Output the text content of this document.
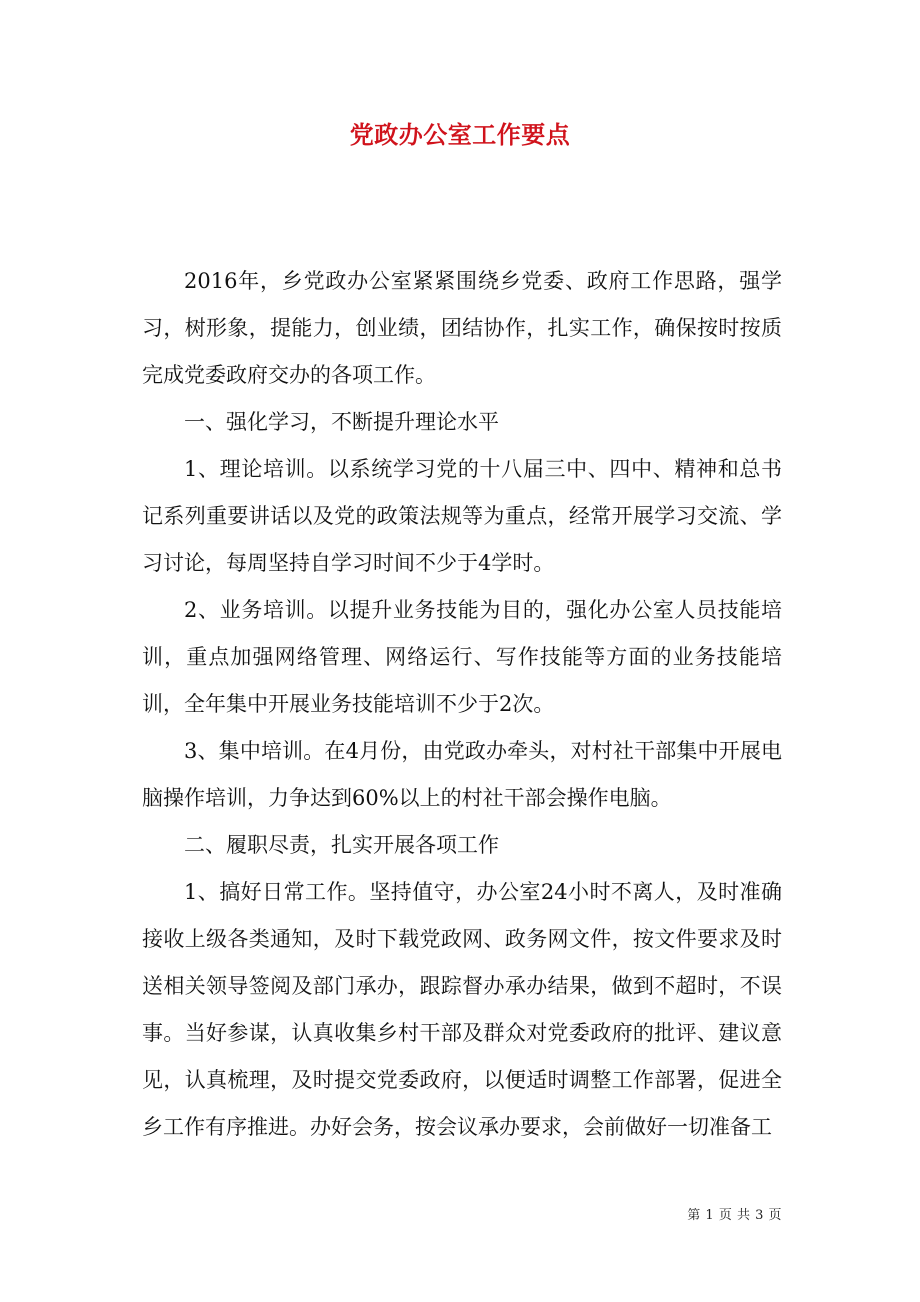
党政办公室工作要点

2016年，乡党政办公室紧紧围绕乡党委、政府工作思路，强学习，树形象，提能力，创业绩，团结协作，扎实工作，确保按时按质完成党委政府交办的各项工作。

一、强化学习，不断提升理论水平

1、理论培训。以系统学习党的十八届三中、四中、精神和总书记系列重要讲话以及党的政策法规等为重点，经常开展学习交流、学习讨论，每周坚持自学习时间不少于4学时。

2、业务培训。以提升业务技能为目的，强化办公室人员技能培训，重点加强网络管理、网络运行、写作技能等方面的业务技能培训，全年集中开展业务技能培训不少于2次。

3、集中培训。在4月份，由党政办牵头，对村社干部集中开展电脑操作培训，力争达到60%以上的村社干部会操作电脑。

二、履职尽责，扎实开展各项工作

1、搞好日常工作。坚持值守，办公室24小时不离人，及时准确接收上级各类通知，及时下载党政网、政务网文件，按文件要求及时送相关领导签阅及部门承办，跟踪督办承办结果，做到不超时，不误事。当好参谋，认真收集乡村干部及群众对党委政府的批评、建议意见，认真梳理，及时提交党委政府，以便适时调整工作部署，促进全乡工作有序推进。办好会务，按会议承办要求，会前做好一切准备工

第 1 页 共 3 页
